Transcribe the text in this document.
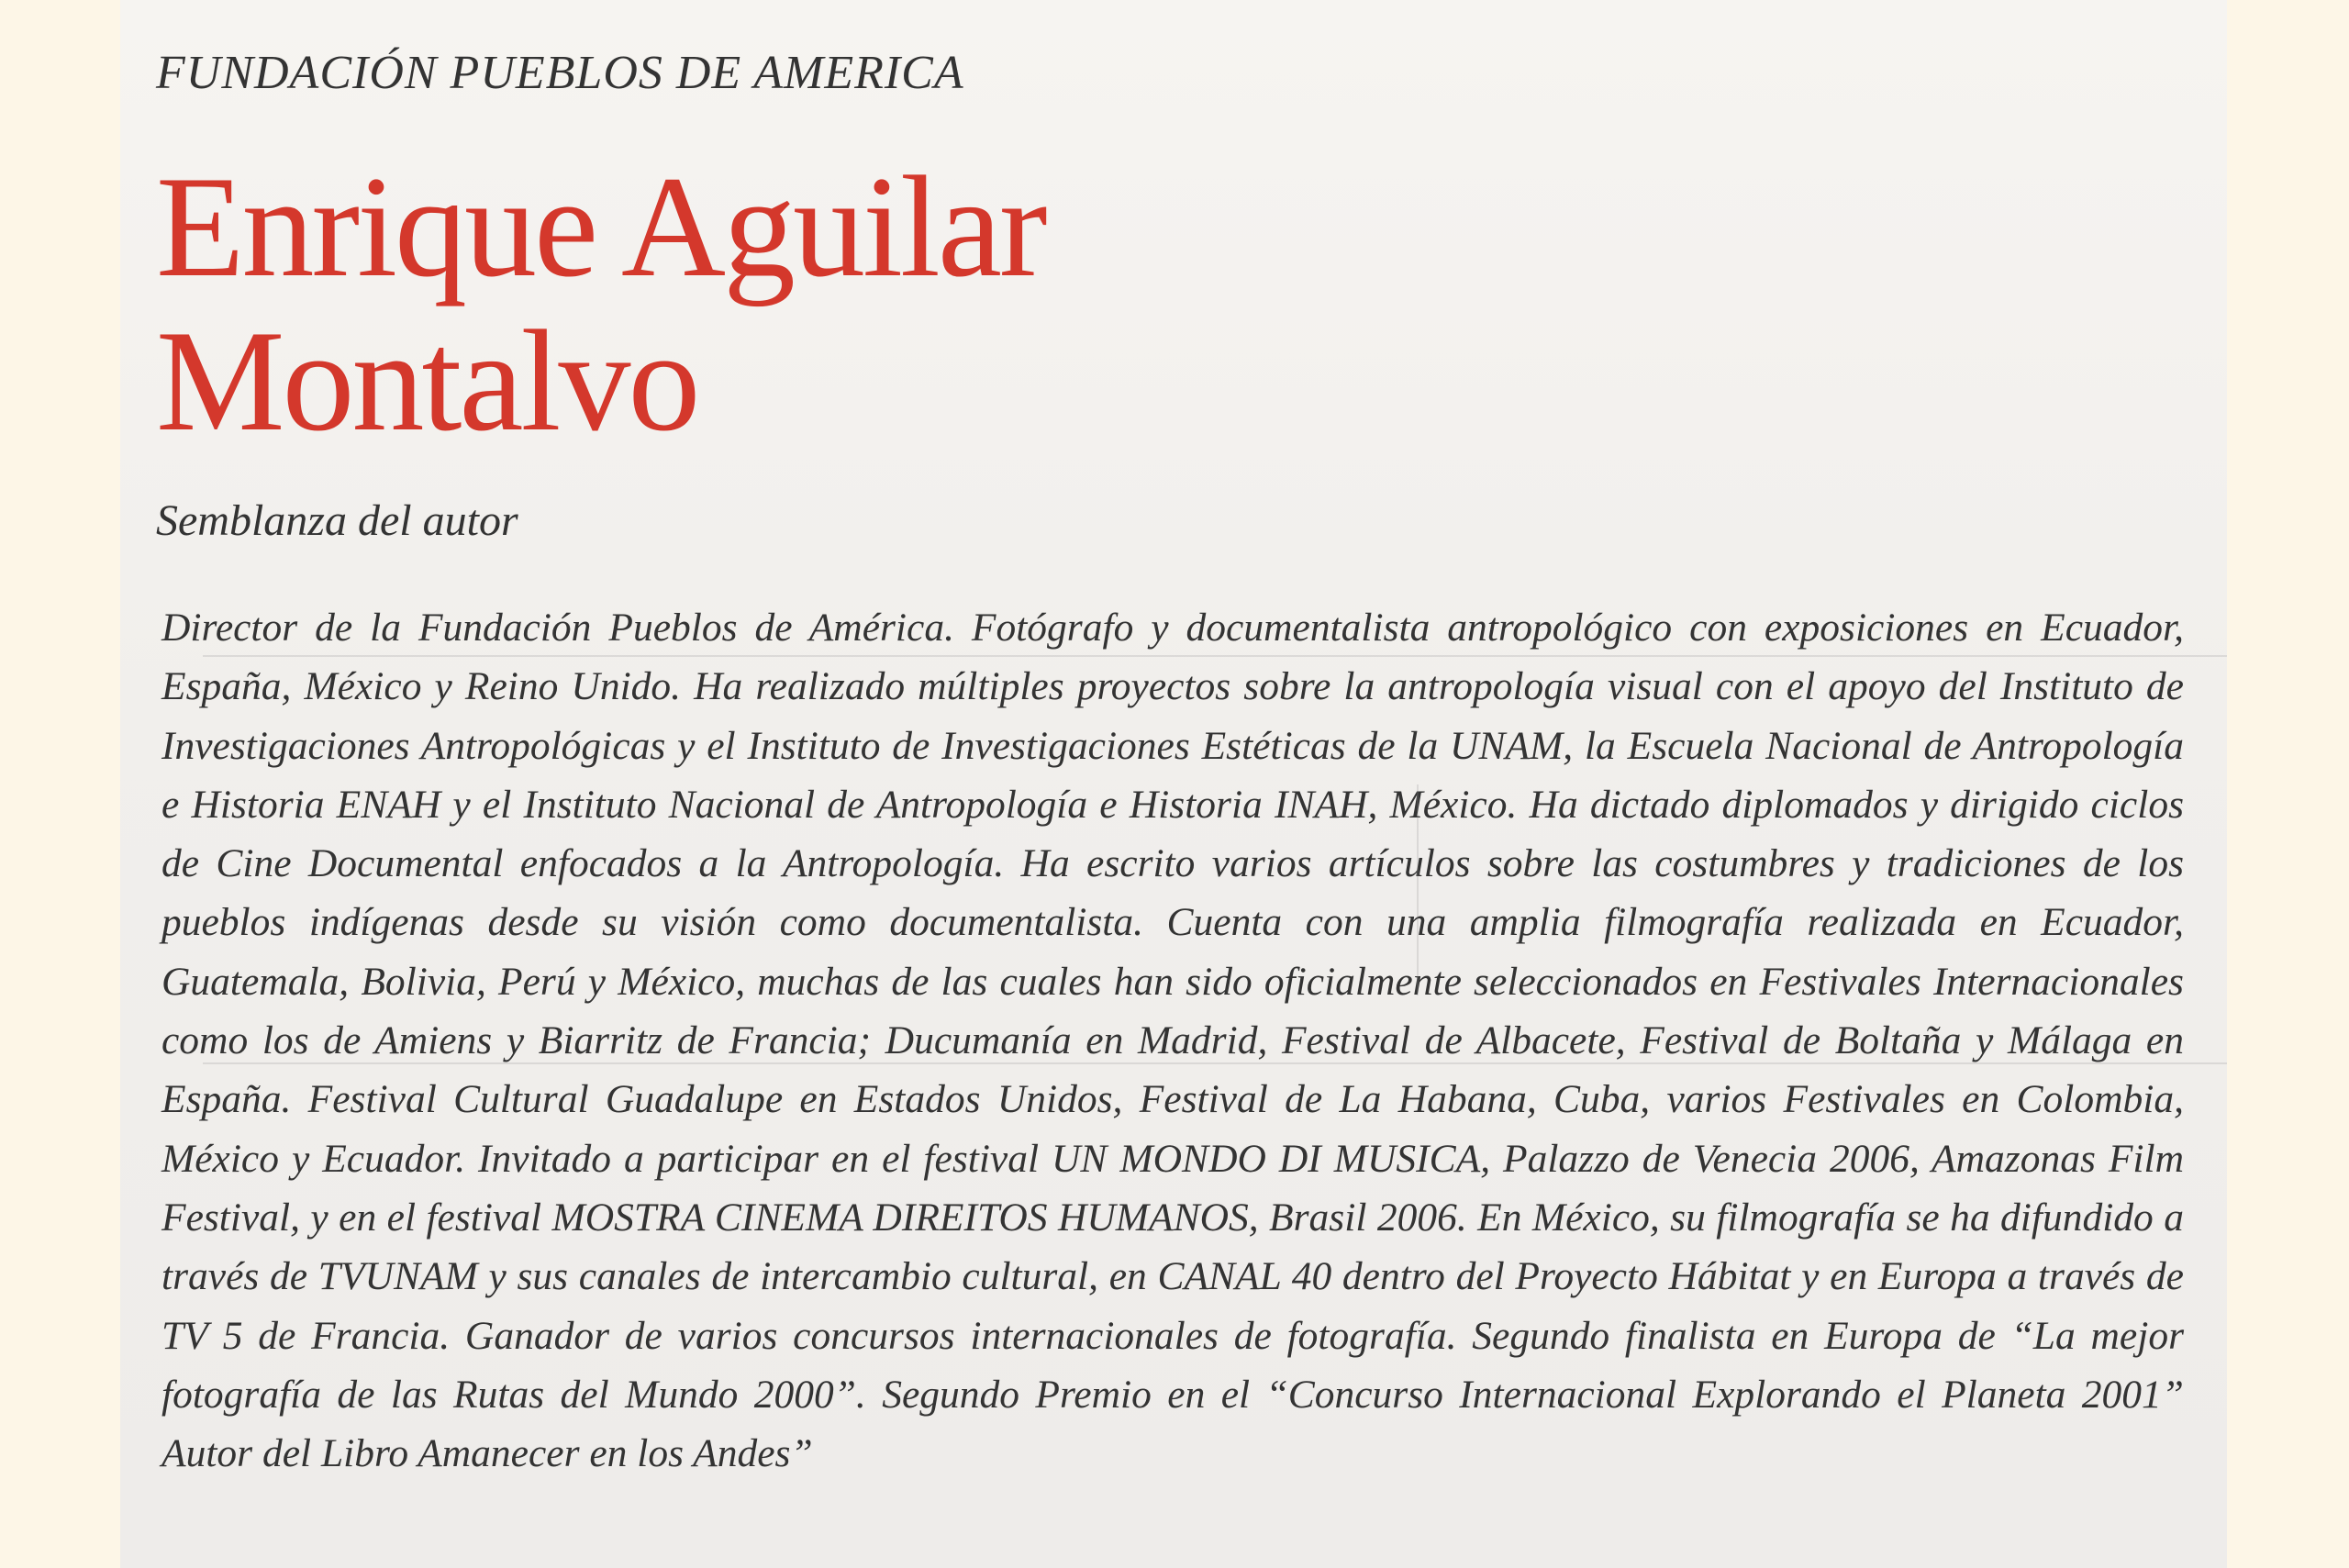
FUNDACIÓN PUEBLOS DE AMERICA
Enrique Aguilar
Montalvo
Semblanza del autor

Director de la Fundación Pueblos de América. Fotógrafo y documentalista antropológico con exposiciones en Ecuador, España, México y Reino Unido. Ha realizado múltiples proyectos sobre la antropología visual con el apoyo del Instituto de Investigaciones Antropológicas y el Instituto de Investigaciones Estéticas de la UNAM, la Escuela Nacional de Antropología e Historia ENAH y el Instituto Nacional de Antropología e Historia INAH, México. Ha dictado diplomados y dirigido ciclos de Cine Documental enfocados a la Antropología. Ha escrito varios artículos sobre las costumbres y tradiciones de los pueblos indígenas desde su visión como documentalista. Cuenta con una amplia filmografía realizada en Ecuador, Guatemala, Bolivia, Perú y México, muchas de las cuales han sido oficialmente seleccionados en Festivales Internacionales como los de Amiens y Biarritz de Francia; Ducumanía en Madrid, Festival de Albacete, Festival de Boltaña y Málaga en España. Festival Cultural Guadalupe en Estados Unidos, Festival de La Habana, Cuba, varios Festivales en Colombia, México y Ecuador. Invitado a participar en el festival UN MONDO DI MUSICA, Palazzo de Venecia 2006, Amazonas Film Festival, y en el festival MOSTRA CINEMA DIREITOS HUMANOS, Brasil 2006. En México, su filmografía se ha difundido a través de TVUNAM y sus canales de intercambio cultural, en CANAL 40 dentro del Proyecto Hábitat y en Europa a través de TV 5 de Francia. Ganador de varios concursos internacionales de fotografía. Segundo finalista en Europa de “La mejor fotografía de las Rutas del Mundo 2000”. Segundo Premio en el “Concurso Internacional Explorando el Planeta 2001” Autor del Libro Amanecer en los Andes”
